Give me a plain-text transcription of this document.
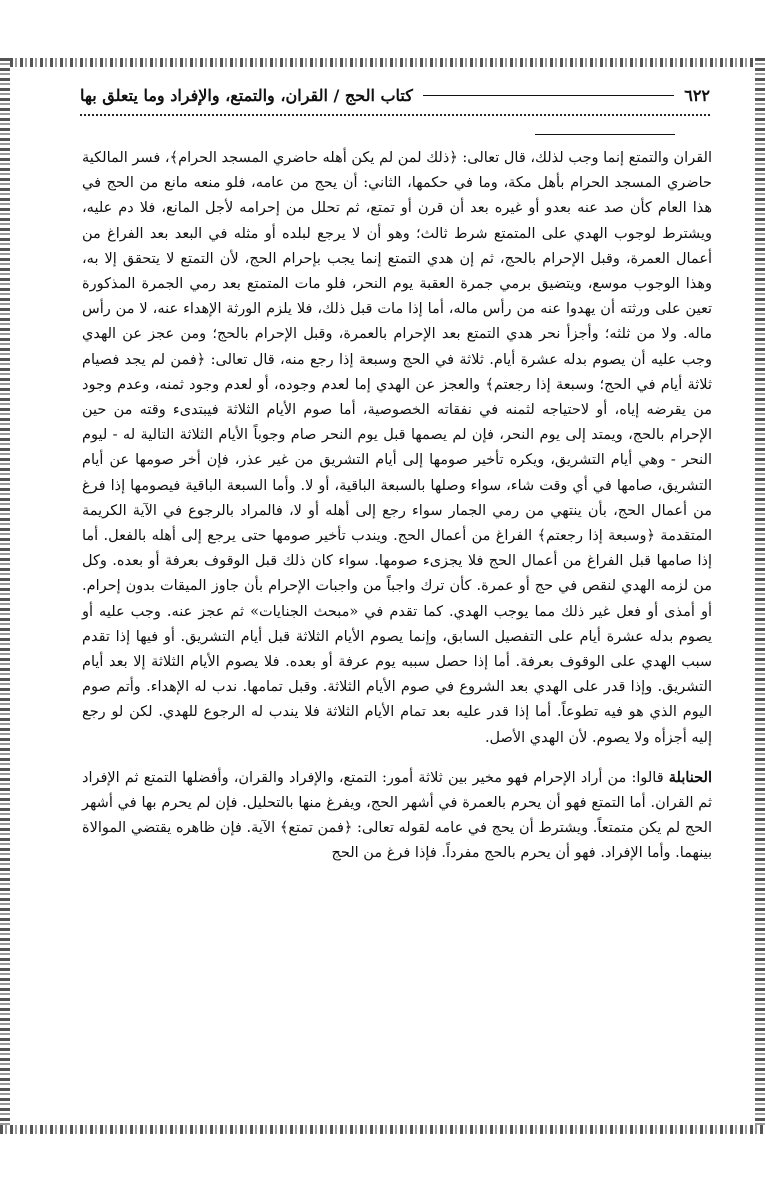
كتاب الحج / القران، والتمتع، والإفراد وما يتعلق بها	٦٢٢

القران والتمتع إنما وجب لذلك، قال تعالى: ﴿ذلك لمن لم يكن أهله حاضري المسجد الحرام﴾، فسر المالكية حاضري المسجد الحرام بأهل مكة، وما في حكمها، الثاني: أن يحج من عامه، فلو منعه مانع من الحج في هذا العام كأن صد عنه بعدو أو غيره بعد أن قرن أو تمتع، ثم تحلل من إحرامه لأجل المانع، فلا دم عليه، ويشترط لوجوب الهدي على المتمتع شرط ثالث؛ وهو أن لا يرجع لبلده أو مثله في البعد بعد الفراغ من أعمال العمرة، وقبل الإحرام بالحج، ثم إن هدي التمتع إنما يجب بإحرام الحج، لأن التمتع لا يتحقق إلا به، وهذا الوجوب موسع، ويتضيق برمي جمرة العقبة يوم النحر، فلو مات المتمتع بعد رمي الجمرة المذكورة تعين على ورثته أن يهدوا عنه من رأس ماله، أما إذا مات قبل ذلك، فلا يلزم الورثة الإهداء عنه، لا من رأس ماله. ولا من ثلثه؛ وأجزأ نحر هدي التمتع بعد الإحرام بالعمرة، وقبل الإحرام بالحج؛ ومن عجز عن الهدي وجب عليه أن يصوم بدله عشرة أيام. ثلاثة في الحج وسبعة إذا رجع منه، قال تعالى: ﴿فمن لم يجد فصيام ثلاثة أيام في الحج؛ وسبعة إذا رجعتم﴾ والعجز عن الهدي إما لعدم وجوده، أو لعدم وجود ثمنه، وعدم وجود من يقرضه إياه، أو لاحتياجه لثمنه في نفقاته الخصوصية، أما صوم الأيام الثلاثة فيبتدىء وقته من حين الإحرام بالحج، ويمتد إلى يوم النحر، فإن لم يصمها قبل يوم النحر صام وجوباً الأيام الثلاثة التالية له - ليوم النحر - وهي أيام التشريق، ويكره تأخير صومها إلى أيام التشريق من غير عذر، فإن أخر صومها عن أيام التشريق، صامها في أي وقت شاء، سواء وصلها بالسبعة الباقية، أو لا. وأما السبعة الباقية فيصومها إذا فرغ من أعمال الحج، بأن ينتهي من رمي الجمار سواء رجع إلى أهله أو لا، فالمراد بالرجوع في الآية الكريمة المتقدمة ﴿وسبعة إذا رجعتم﴾ الفراغ من أعمال الحج. ويندب تأخير صومها حتى يرجع إلى أهله بالفعل. أما إذا صامها قبل الفراغ من أعمال الحج فلا يجزىء صومها. سواء كان ذلك قبل الوقوف بعرفة أو بعده. وكل من لزمه الهدي لنقص في حج أو عمرة. كأن ترك واجباً من واجبات الإحرام بأن جاوز الميقات بدون إحرام. أو أمذى أو فعل غير ذلك مما يوجب الهدي. كما تقدم في «مبحث الجنايات» ثم عجز عنه. وجب عليه أو يصوم بدله عشرة أيام على التفصيل السابق، وإنما يصوم الأيام الثلاثة قبل أيام التشريق. أو فيها إذا تقدم سبب الهدي على الوقوف بعرفة. أما إذا حصل سببه يوم عرفة أو بعده. فلا يصوم الأيام الثلاثة إلا بعد أيام التشريق. وإذا قدر على الهدي بعد الشروع في صوم الأيام الثلاثة. وقبل تمامها. ندب له الإهداء. وأتم صوم اليوم الذي هو فيه تطوعاً. أما إذا قدر عليه بعد تمام الأيام الثلاثة فلا يندب له الرجوع للهدي. لكن لو رجع إليه أجزأه ولا يصوم. لأن الهدي الأصل.

الحنابلة قالوا: من أراد الإحرام فهو مخير بين ثلاثة أمور: التمتع، والإفراد والقران، وأفضلها التمتع ثم الإفراد ثم القران. أما التمتع فهو أن يحرم بالعمرة في أشهر الحج، ويفرغ منها بالتحليل. فإن لم يحرم بها في أشهر الحج لم يكن متمتعاً. ويشترط أن يحج في عامه لقوله تعالى: ﴿فمن تمتع﴾ الآية. فإن ظاهره يقتضي الموالاة بينهما. وأما الإفراد. فهو أن يحرم بالحج مفرداً. فإذا فرغ من الحج
